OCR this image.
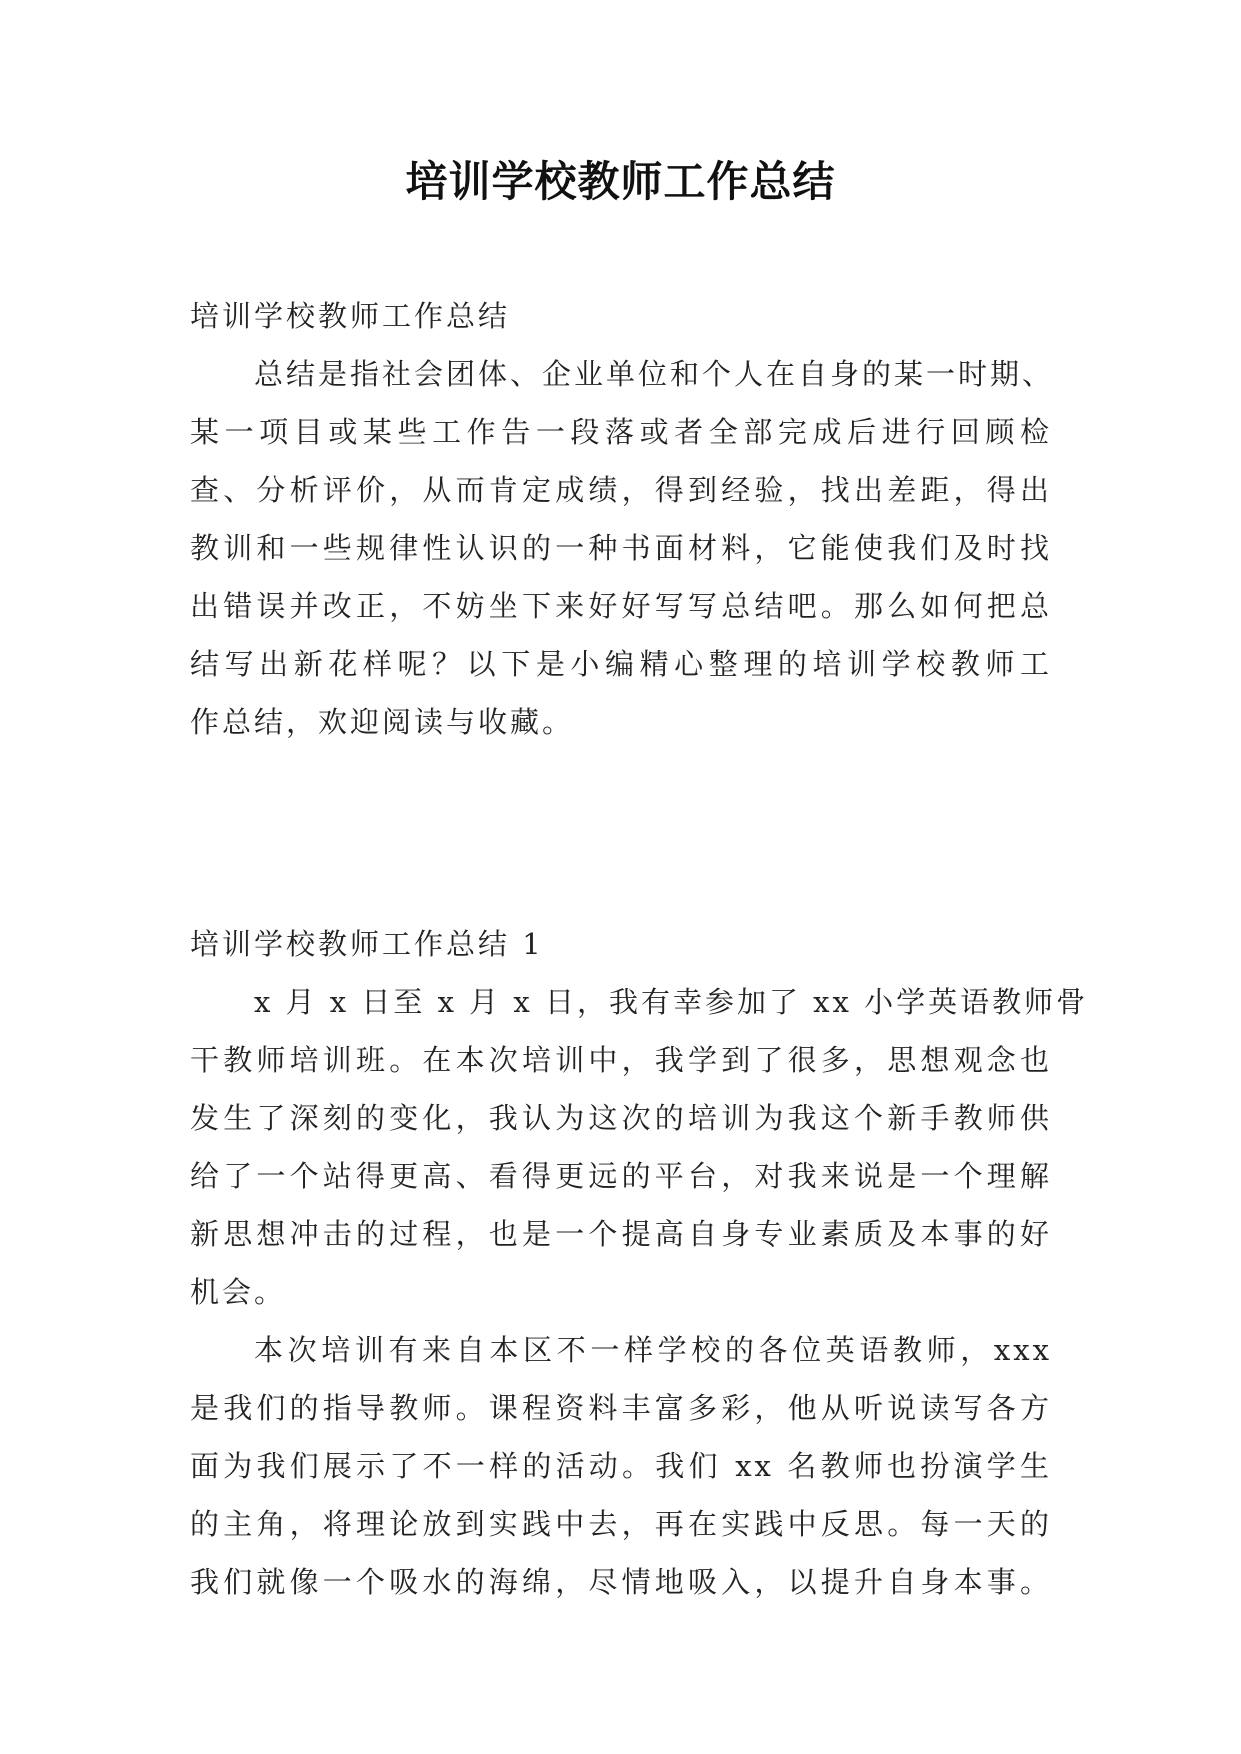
培训学校教师工作总结
培训学校教师工作总结
总结是指社会团体、企业单位和个人在自身的某一时期、
某一项目或某些工作告一段落或者全部完成后进行回顾检
查、分析评价，从而肯定成绩，得到经验，找出差距，得出
教训和一些规律性认识的一种书面材料，它能使我们及时找
出错误并改正，不妨坐下来好好写写总结吧。那么如何把总
结写出新花样呢？以下是小编精心整理的培训学校教师工
作总结，欢迎阅读与收藏。
培训学校教师工作总结 1
x 月 x 日至 x 月 x 日，我有幸参加了 xx 小学英语教师骨
干教师培训班。在本次培训中，我学到了很多，思想观念也
发生了深刻的变化，我认为这次的培训为我这个新手教师供
给了一个站得更高、看得更远的平台，对我来说是一个理解
新思想冲击的过程，也是一个提高自身专业素质及本事的好
机会。
本次培训有来自本区不一样学校的各位英语教师，xxx
是我们的指导教师。课程资料丰富多彩，他从听说读写各方
面为我们展示了不一样的活动。我们 xx 名教师也扮演学生
的主角，将理论放到实践中去，再在实践中反思。每一天的
我们就像一个吸水的海绵，尽情地吸入，以提升自身本事。
